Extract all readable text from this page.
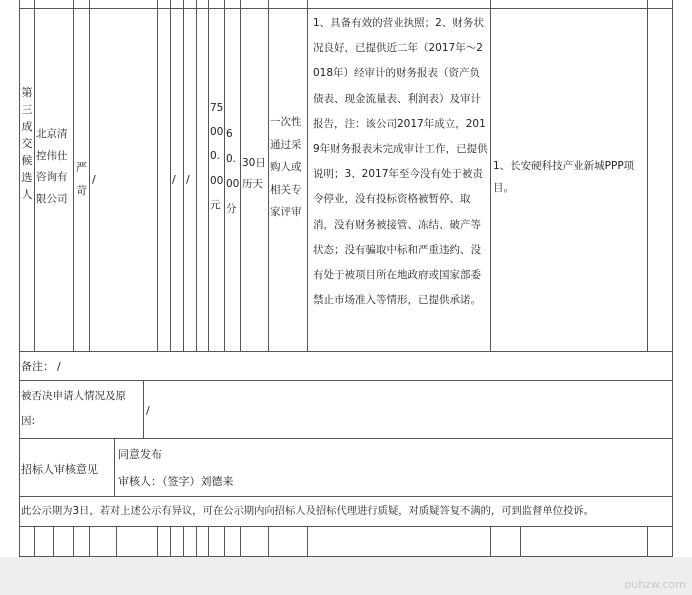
第三成交候选人
北京清控伟仕咨询有限公司
严苛
/	/ /
75000.00元
60.00分
30日历天
一次性通过采购人或相关专家评审
1、具备有效的营业执照；2、财务状况良好，已提供近二年（2017年～2018年）经审计的财务报表（资产负债表、现金流量表、利润表）及审计报告，注：该公司2017年成立，2019年财务报表未完成审计工作，已提供说明；3、2017年至今没有处于被责令停业，没有投标资格被暂停、取消，没有财务被接管、冻结、破产等状态；没有骗取中标和严重违约、没有处于被项目所在地政府或国家部委禁止市场准入等情形，已提供承诺。
1、长安硬科技产业新城PPP项目。
备注： /
被否决申请人情况及原因:
/
招标人审核意见
同意发布
审核人：（签字）刘德来
此公示期为3日，若对上述公示有异议，可在公示期内向招标人及招标代理进行质疑，对质疑答复不满的，可到监督单位投诉。
puhzw.com
